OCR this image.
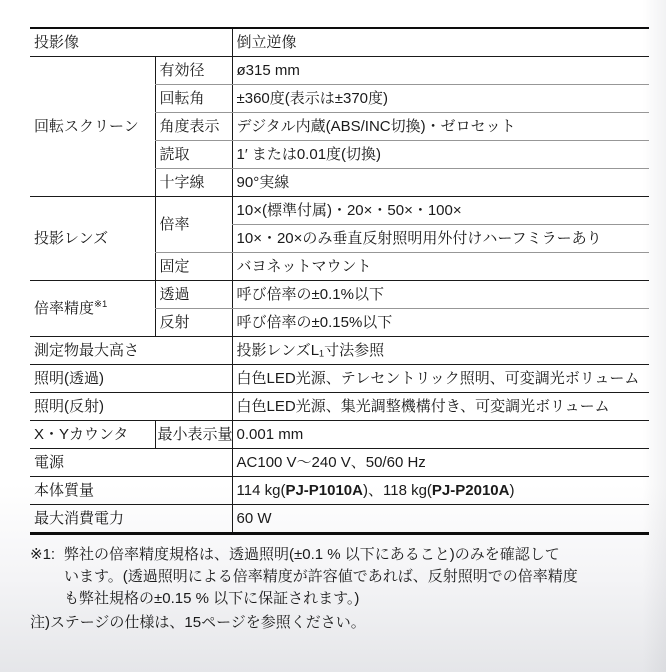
投影像		倒立逆像
回転スクリーン	有効径	ø315 mm
	回転角	±360度(表示は±370度)
	角度表示	デジタル内蔵(ABS/INC切換)・ゼロセット
	読取	1′ または0.01度(切換)
	十字線	90°実線
投影レンズ	倍率	10×(標準付属)・20×・50×・100×
		10×・20×のみ垂直反射照明用外付けハーフミラーあり
	固定	バヨネットマウント
倍率精度$^{※1}$	透過	呼び倍率の±0.1%以下
	反射	呼び倍率の±0.15%以下
測定物最大高さ		投影レンズL₁寸法参照
照明(透過)		白色LED光源、テレセントリック照明、可変調光ボリューム
照明(反射)		白色LED光源、集光調整機構付き、可変調光ボリューム
X・Yカウンタ	最小表示量	0.001 mm
電源		AC100 V〜240 V、50/60 Hz
本体質量		114 kg(PJ-P1010A)、118 kg(PJ-P2010A)
最大消費電力		60 W
※1: 弊社の倍率精度規格は、透過照明(±0.1 % 以下にあること)のみを確認して
います。(透過照明による倍率精度が許容値であれば、反射照明での倍率精度
も弊社規格の±0.15 % 以下に保証されます。)
注)ステージの仕様は、15ページを参照ください。
